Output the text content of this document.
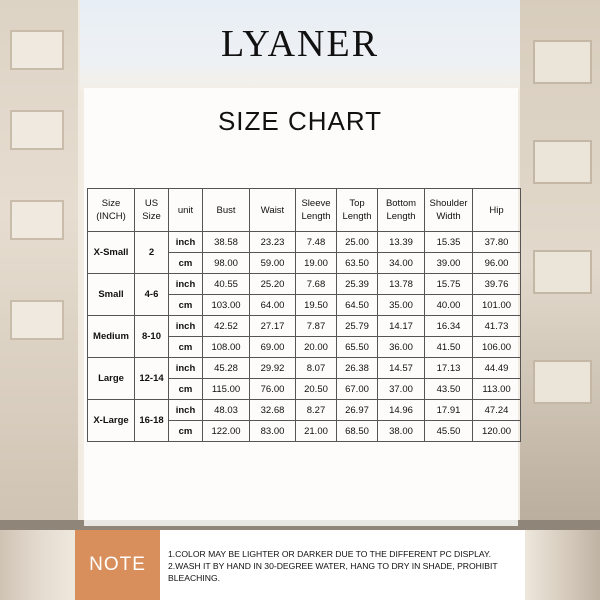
LYANER
SIZE CHART
Size (INCH)	US Size	unit	Bust	Waist	Sleeve Length	Top Length	Bottom Length	Shoulder Width	Hip
X-Small	2	inch	38.58	23.23	7.48	25.00	13.39	15.35	37.80
		cm	98.00	59.00	19.00	63.50	34.00	39.00	96.00
Small	4-6	inch	40.55	25.20	7.68	25.39	13.78	15.75	39.76
		cm	103.00	64.00	19.50	64.50	35.00	40.00	101.00
Medium	8-10	inch	42.52	27.17	7.87	25.79	14.17	16.34	41.73
		cm	108.00	69.00	20.00	65.50	36.00	41.50	106.00
Large	12-14	inch	45.28	29.92	8.07	26.38	14.57	17.13	44.49
		cm	115.00	76.00	20.50	67.00	37.00	43.50	113.00
X-Large	16-18	inch	48.03	32.68	8.27	26.97	14.96	17.91	47.24
		cm	122.00	83.00	21.00	68.50	38.00	45.50	120.00
NOTE	1.COLOR MAY BE LIGHTER OR DARKER DUE TO THE DIFFERENT PC DISPLAY.
2.WASH IT BY HAND IN 30-DEGREE WATER, HANG TO DRY IN SHADE, PROHIBIT BLEACHING.
